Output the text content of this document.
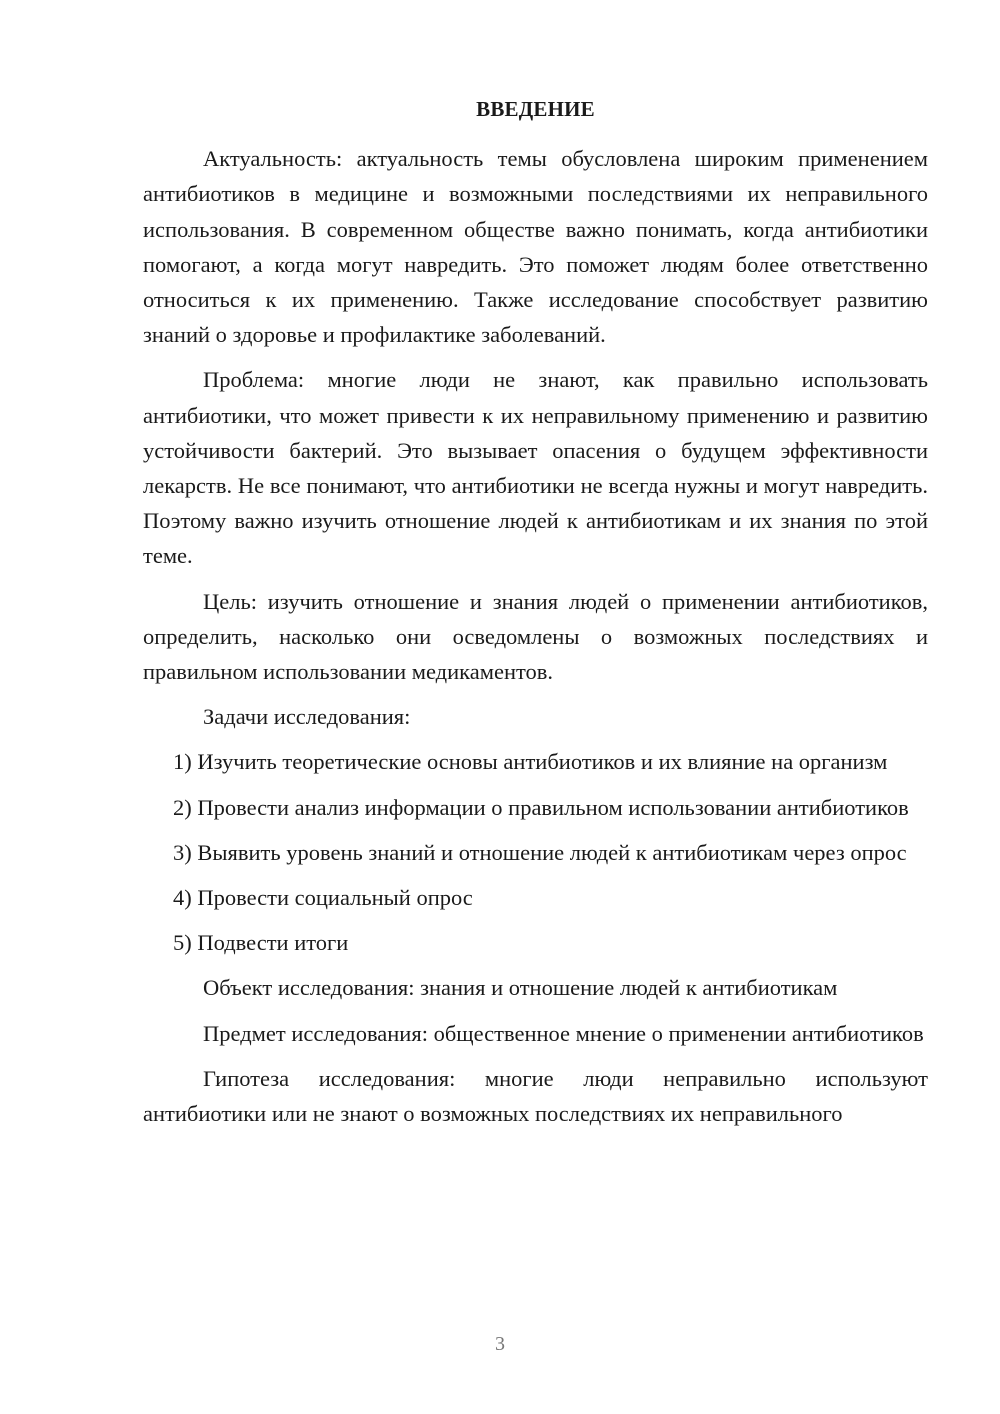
ВВЕДЕНИЕ

Актуальность: актуальность темы обусловлена широким применением антибиотиков в медицине и возможными последствиями их неправильного использования. В современном обществе важно понимать, когда антибиотики помогают, а когда могут навредить. Это поможет людям более ответственно относиться к их применению. Также исследование способствует развитию знаний о здоровье и профилактике заболеваний.

Проблема: многие люди не знают, как правильно использовать антибиотики, что может привести к их неправильному применению и развитию устойчивости бактерий. Это вызывает опасения о будущем эффективности лекарств. Не все понимают, что антибиотики не всегда нужны и могут навредить. Поэтому важно изучить отношение людей к антибиотикам и их знания по этой теме.

Цель: изучить отношение и знания людей о применении антибиотиков, определить, насколько они осведомлены о возможных последствиях и правильном использовании медикаментов.

Задачи исследования:

1) Изучить теоретические основы антибиотиков и их влияние на организм

2) Провести анализ информации о правильном использовании антибиотиков

3) Выявить уровень знаний и отношение людей к антибиотикам через опрос

4) Провести социальный опрос

5) Подвести итоги

Объект исследования: знания и отношение людей к антибиотикам

Предмет исследования: общественное мнение о применении антибиотиков

Гипотеза исследования: многие люди неправильно используют антибиотики или не знают о возможных последствиях их неправильного

3
